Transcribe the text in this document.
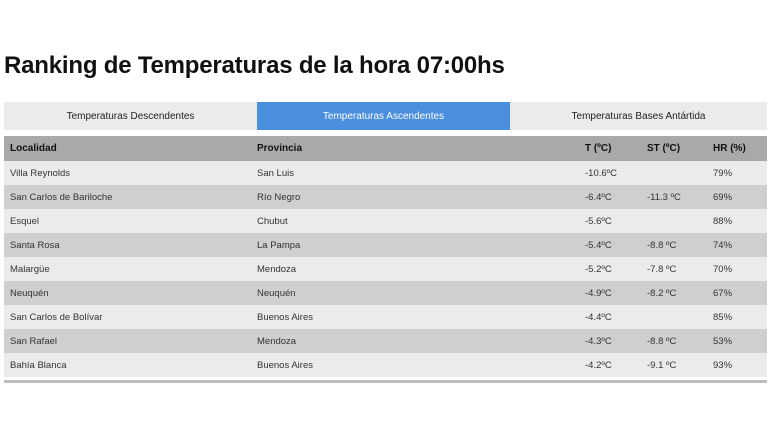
Ranking de Temperaturas de la hora 07:00hs
Temperaturas Descendentes	Temperaturas Ascendentes	Temperaturas Bases Antártida
Localidad	Provincia	T (ºC)	ST (ºC)	HR (%)
Villa Reynolds	San Luis	-10.6ºC		79%
San Carlos de Bariloche	Río Negro	-6.4ºC	-11.3 ºC	69%
Esquel	Chubut	-5.6ºC		88%
Santa Rosa	La Pampa	-5.4ºC	-8.8 ºC	74%
Malargüe	Mendoza	-5.2ºC	-7.8 ºC	70%
Neuquén	Neuquén	-4.9ºC	-8.2 ºC	67%
San Carlos de Bolívar	Buenos Aires	-4.4ºC		85%
San Rafael	Mendoza	-4.3ºC	-8.8 ºC	53%
Bahía Blanca	Buenos Aires	-4.2ºC	-9.1 ºC	93%
